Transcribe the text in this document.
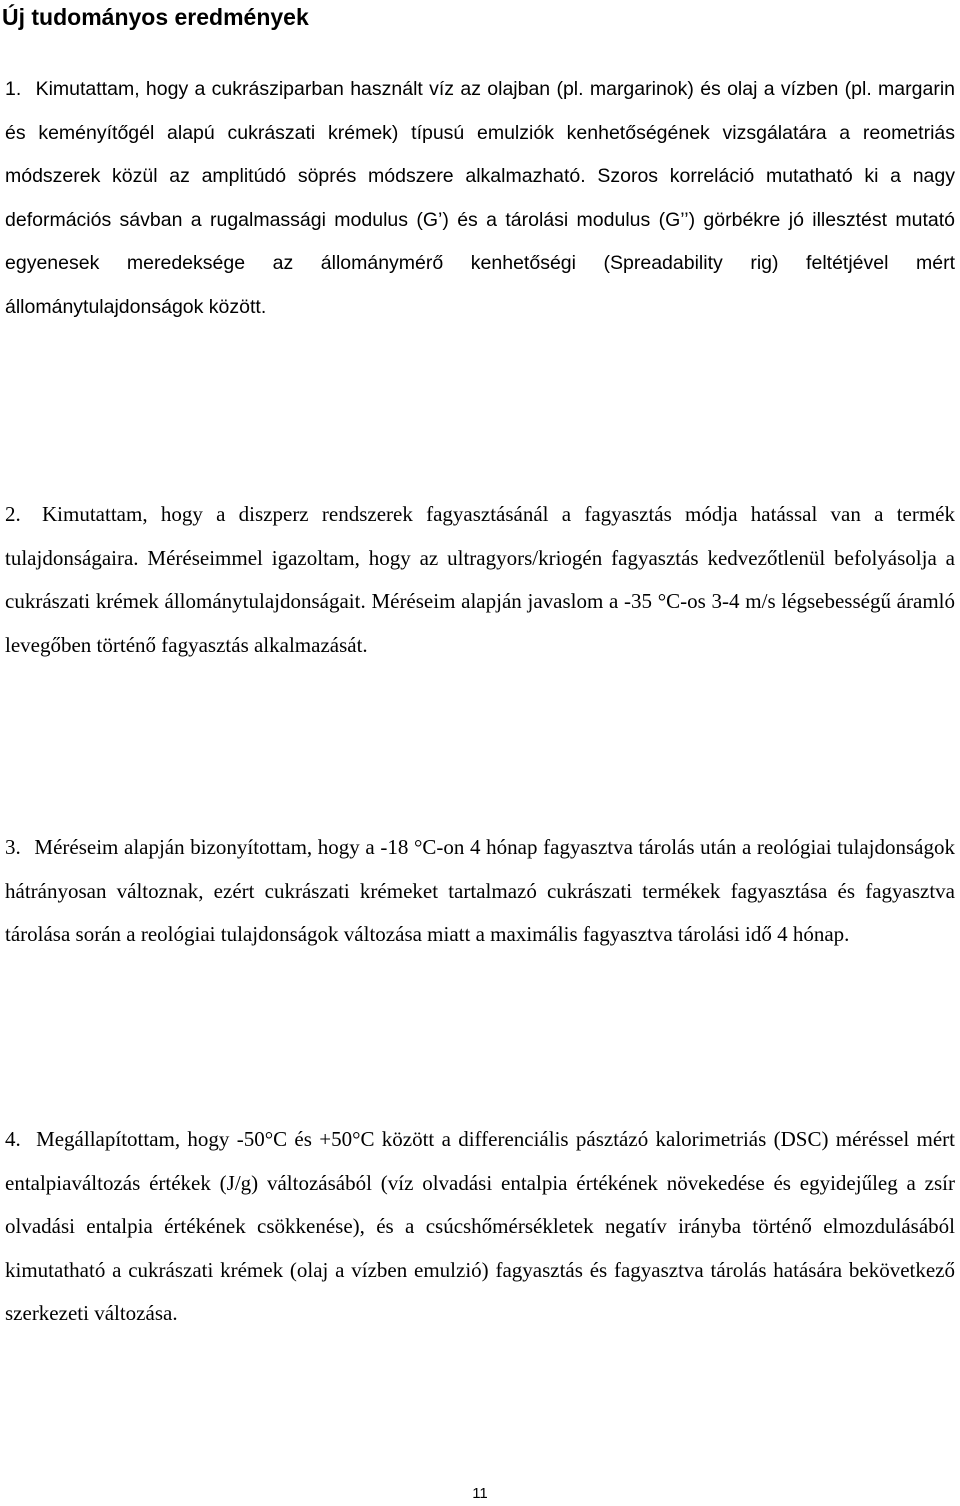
Új tudományos eredmények

1. Kimutattam, hogy a cukrásziparban használt víz az olajban (pl. margarinok) és olaj a vízben (pl. margarin és keményítőgél alapú cukrászati krémek) típusú emulziók kenhetőségének vizsgálatára a reometriás módszerek közül az amplitúdó söprés módszere alkalmazható. Szoros korreláció mutatható ki a nagy deformációs sávban a rugalmassági modulus (G’) és a tárolási modulus (G’’) görbékre jó illesztést mutató egyenesek meredeksége az állománymérő kenhetőségi (Spreadability rig) feltétjével mért állománytulajdonságok között.

2. Kimutattam, hogy a diszperz rendszerek fagyasztásánál a fagyasztás módja hatással van a termék tulajdonságaira. Méréseimmel igazoltam, hogy az ultragyors/kriogén fagyasztás kedvezőtlenül befolyásolja a cukrászati krémek állománytulajdonságait. Méréseim alapján javaslom a -35 °C-os 3-4 m/s légsebességű áramló levegőben történő fagyasztás alkalmazását.

3. Méréseim alapján bizonyítottam, hogy a -18 °C-on 4 hónap fagyasztva tárolás után a reológiai tulajdonságok hátrányosan változnak, ezért cukrászati krémeket tartalmazó cukrászati termékek fagyasztása és fagyasztva tárolása során a reológiai tulajdonságok változása miatt a maximális fagyasztva tárolási idő 4 hónap.

4. Megállapítottam, hogy -50°C és +50°C között a differenciális pásztázó kalorimetriás (DSC) méréssel mért entalpiaváltozás értékek (J/g) változásából (víz olvadási entalpia értékének növekedése és egyidejűleg a zsír olvadási entalpia értékének csökkenése), és a csúcshőmérsékletek negatív irányba történő elmozdulásából kimutatható a cukrászati krémek (olaj a vízben emulzió) fagyasztás és fagyasztva tárolás hatására bekövetkező szerkezeti változása.

11
